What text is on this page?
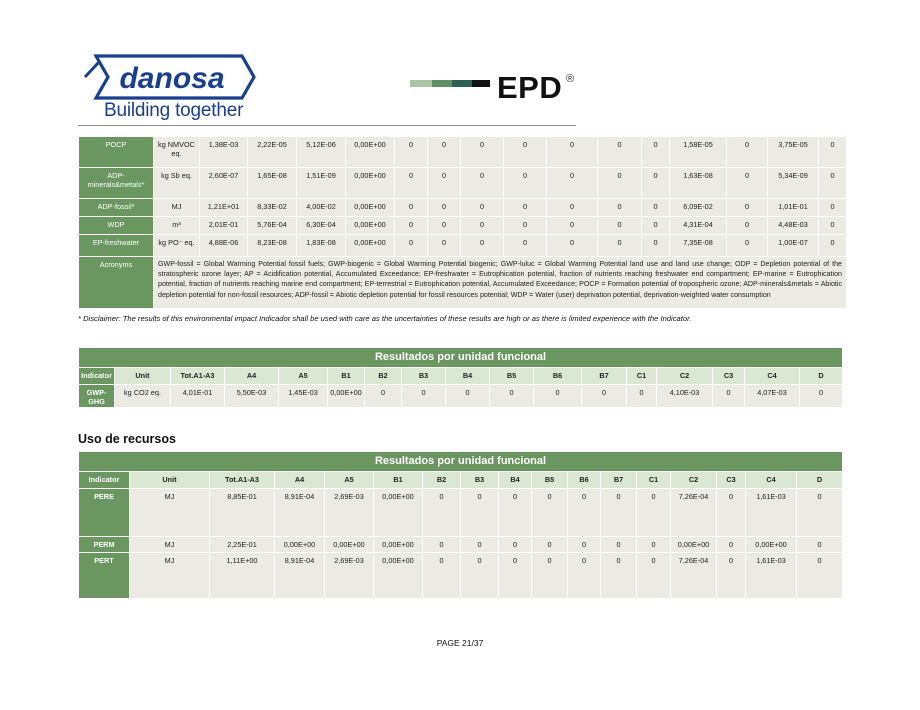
danosa
Building together
EPD ®
POCP	kg NMVOC eq.	1,38E-03	2,22E-05	5,12E-06	0,00E+00	0	0	0	0	0	0	0	1,58E-05	0	3,75E-05	0
ADP-minerals&metals*	kg Sb eq.	2,60E-07	1,65E-08	1,51E-09	0,00E+00	0	0	0	0	0	0	0	1,63E-08	0	5,34E-09	0
ADP-fossil*	MJ	1,21E+01	8,33E-02	4,00E-02	0,00E+00	0	0	0	0	0	0	0	6,09E-02	0	1,01E-01	0
WDP	m³	2,01E-01	5,76E-04	6,30E-04	0,00E+00	0	0	0	0	0	0	0	4,31E-04	0	4,48E-03	0
EP-freshwater	kg PO⁻ eq.	4,88E-06	8,23E-08	1,83E-08	0,00E+00	0	0	0	0	0	0	0	7,35E-08	0	1,00E-07	0
Acronyms	GWP-fossil = Global Warming Potential fossil fuels; GWP-biogenic = Global Warming Potential biogenic; GWP-luluc = Global Warming Potential land use and land use change; ODP = Depletion potential of the stratospheric ozone layer; AP = Acidification potential, Accumulated Exceedance; EP-freshwater = Eutrophication potential, fraction of nutrients reaching freshwater end compartment; EP-marine = Eutrophication potential, fraction of nutrients reaching marine end compartment; EP-terrestrial = Eutrophication potential, Accumulated Exceedance; POCP = Formation potential of tropospheric ozone; ADP-minerals&metals = Abiotic depletion potential for non-fossil resources; ADP-fossil = Abiotic depletion potential for fossil resources potential; WDP = Water (user) deprivation potential, deprivation-weighted water consumption															
* Disclaimer: The results of this environmental impact Indicador shall be used with care as the uncertainties of these results are high or as there is limited experience with the Indicator.
Resultados por unidad funcional																
Indicator	Unit	Tot.A1-A3	A4	A5	B1	B2	B3	B4	B5	B6	B7	C1	C2	C3	C4	D
GWP-GHG	kg CO2 eq.	4,01E-01	5,50E-03	1,45E-03	0,00E+00	0	0	0	0	0	0	0	4,10E-03	0	4,07E-03	0
Uso de recursos
Resultados por unidad funcional																
Indicator	Unit	Tot.A1-A3	A4	A5	B1	B2	B3	B4	B5	B6	B7	C1	C2	C3	C4	D
PERE	MJ	8,85E-01	8,91E-04	2,69E-03	0,00E+00	0	0	0	0	0	0	0	7,26E-04	0	1,61E-03	0
PERM	MJ	2,25E-01	0,00E+00	0,00E+00	0,00E+00	0	0	0	0	0	0	0	0,00E+00	0	0,00E+00	0
PERT	MJ	1,11E+00	8,91E-04	2,69E-03	0,00E+00	0	0	0	0	0	0	0	7,26E-04	0	1,61E-03	0
PAGE 21/37
